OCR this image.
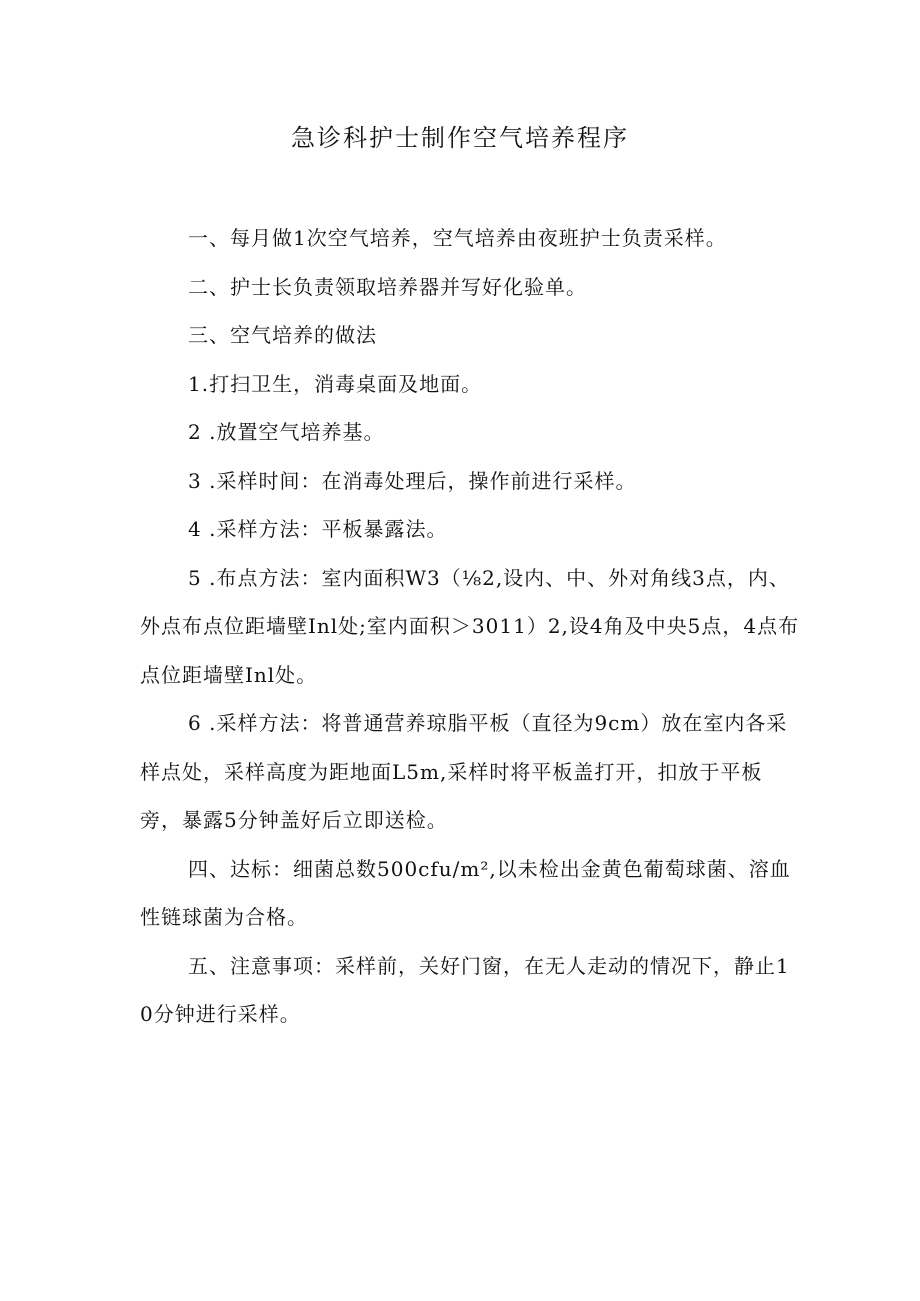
急诊科护士制作空气培养程序

一、每月做1次空气培养，空气培养由夜班护士负责采样。

二、护士长负责领取培养器并写好化验单。

三、空气培养的做法

1.打扫卫生，消毒桌面及地面。

2 .放置空气培养基。

3 .采样时间：在消毒处理后，操作前进行采样。

4 .采样方法：平板暴露法。

5 .布点方法：室内面积W3（⅛2,设内、中、外对角线3点，内、外点布点位距墙壁Inl处;室内面积＞3011）2,设4角及中央5点，4点布点位距墙壁Inl处。

6 .采样方法：将普通营养琼脂平板（直径为9cm）放在室内各采样点处，采样高度为距地面L5m,采样时将平板盖打开，扣放于平板旁，暴露5分钟盖好后立即送检。

四、达标：细菌总数500cfu∕m²,以未检出金黄色葡萄球菌、溶血性链球菌为合格。

五、注意事项：采样前，关好门窗，在无人走动的情况下，静止10分钟进行采样。
